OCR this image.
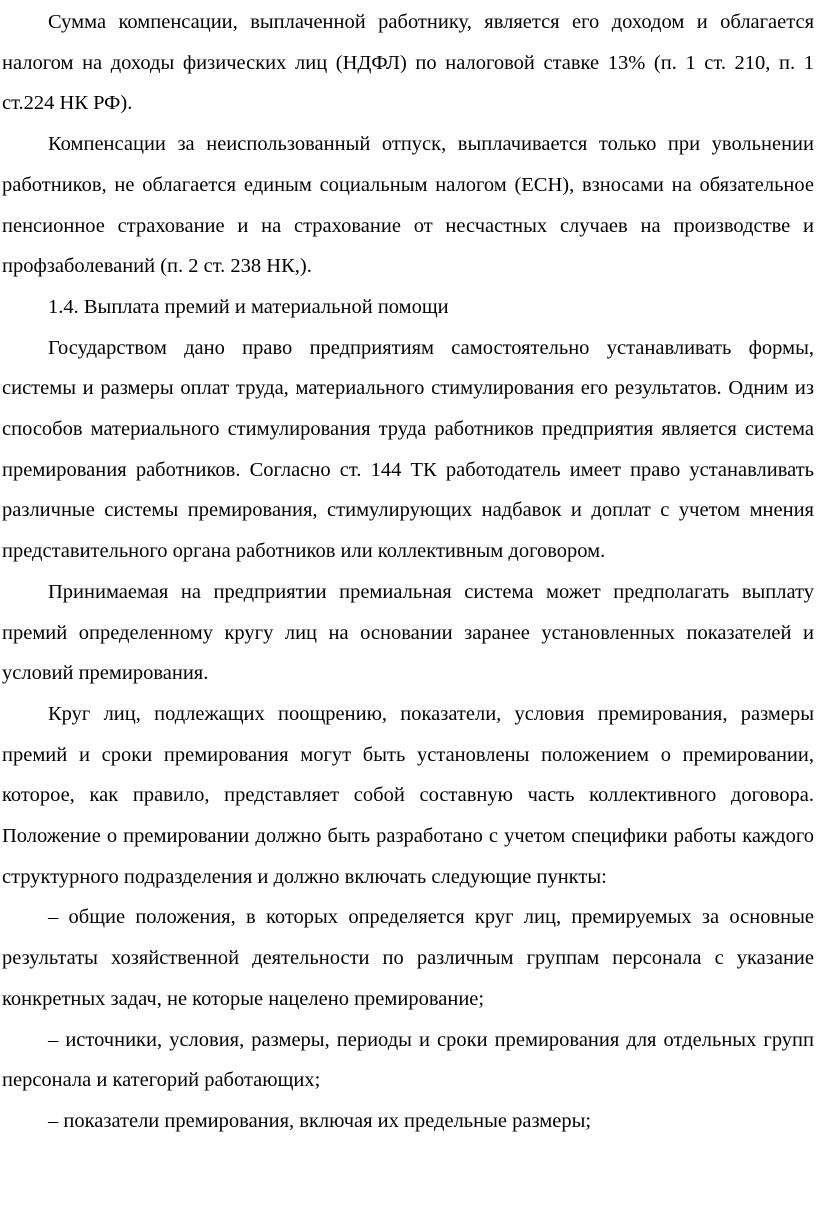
Сумма компенсации, выплаченной работнику, является его доходом и облагается налогом на доходы физических лиц (НДФЛ) по налоговой ставке 13% (п. 1 ст. 210, п. 1 ст.224 НК РФ).

Компенсации за неиспользованный отпуск, выплачивается только при увольнении работников, не облагается единым социальным налогом (ЕСН), взносами на обязательное пенсионное страхование и на страхование от несчастных случаев на производстве и профзаболеваний (п. 2 ст. 238 НК,).

1.4. Выплата премий и материальной помощи

Государством дано право предприятиям самостоятельно устанавливать формы, системы и размеры оплат труда, материального стимулирования его результатов. Одним из способов материального стимулирования труда работников предприятия является система премирования работников. Согласно ст. 144 ТК работодатель имеет право устанавливать различные системы премирования, стимулирующих надбавок и доплат с учетом мнения представительного органа работников или коллективным договором.

Принимаемая на предприятии премиальная система может предполагать выплату премий определенному кругу лиц на основании заранее установленных показателей и условий премирования.

Круг лиц, подлежащих поощрению, показатели, условия премирования, размеры премий и сроки премирования могут быть установлены положением о премировании, которое, как правило, представляет собой составную часть коллективного договора. Положение о премировании должно быть разработано с учетом специфики работы каждого структурного подразделения и должно включать следующие пункты:

– общие положения, в которых определяется круг лиц, премируемых за основные результаты хозяйственной деятельности по различным группам персонала с указание конкретных задач, не которые нацелено премирование;

– источники, условия, размеры, периоды и сроки премирования для отдельных групп персонала и категорий работающих;

– показатели премирования, включая их предельные размеры;
